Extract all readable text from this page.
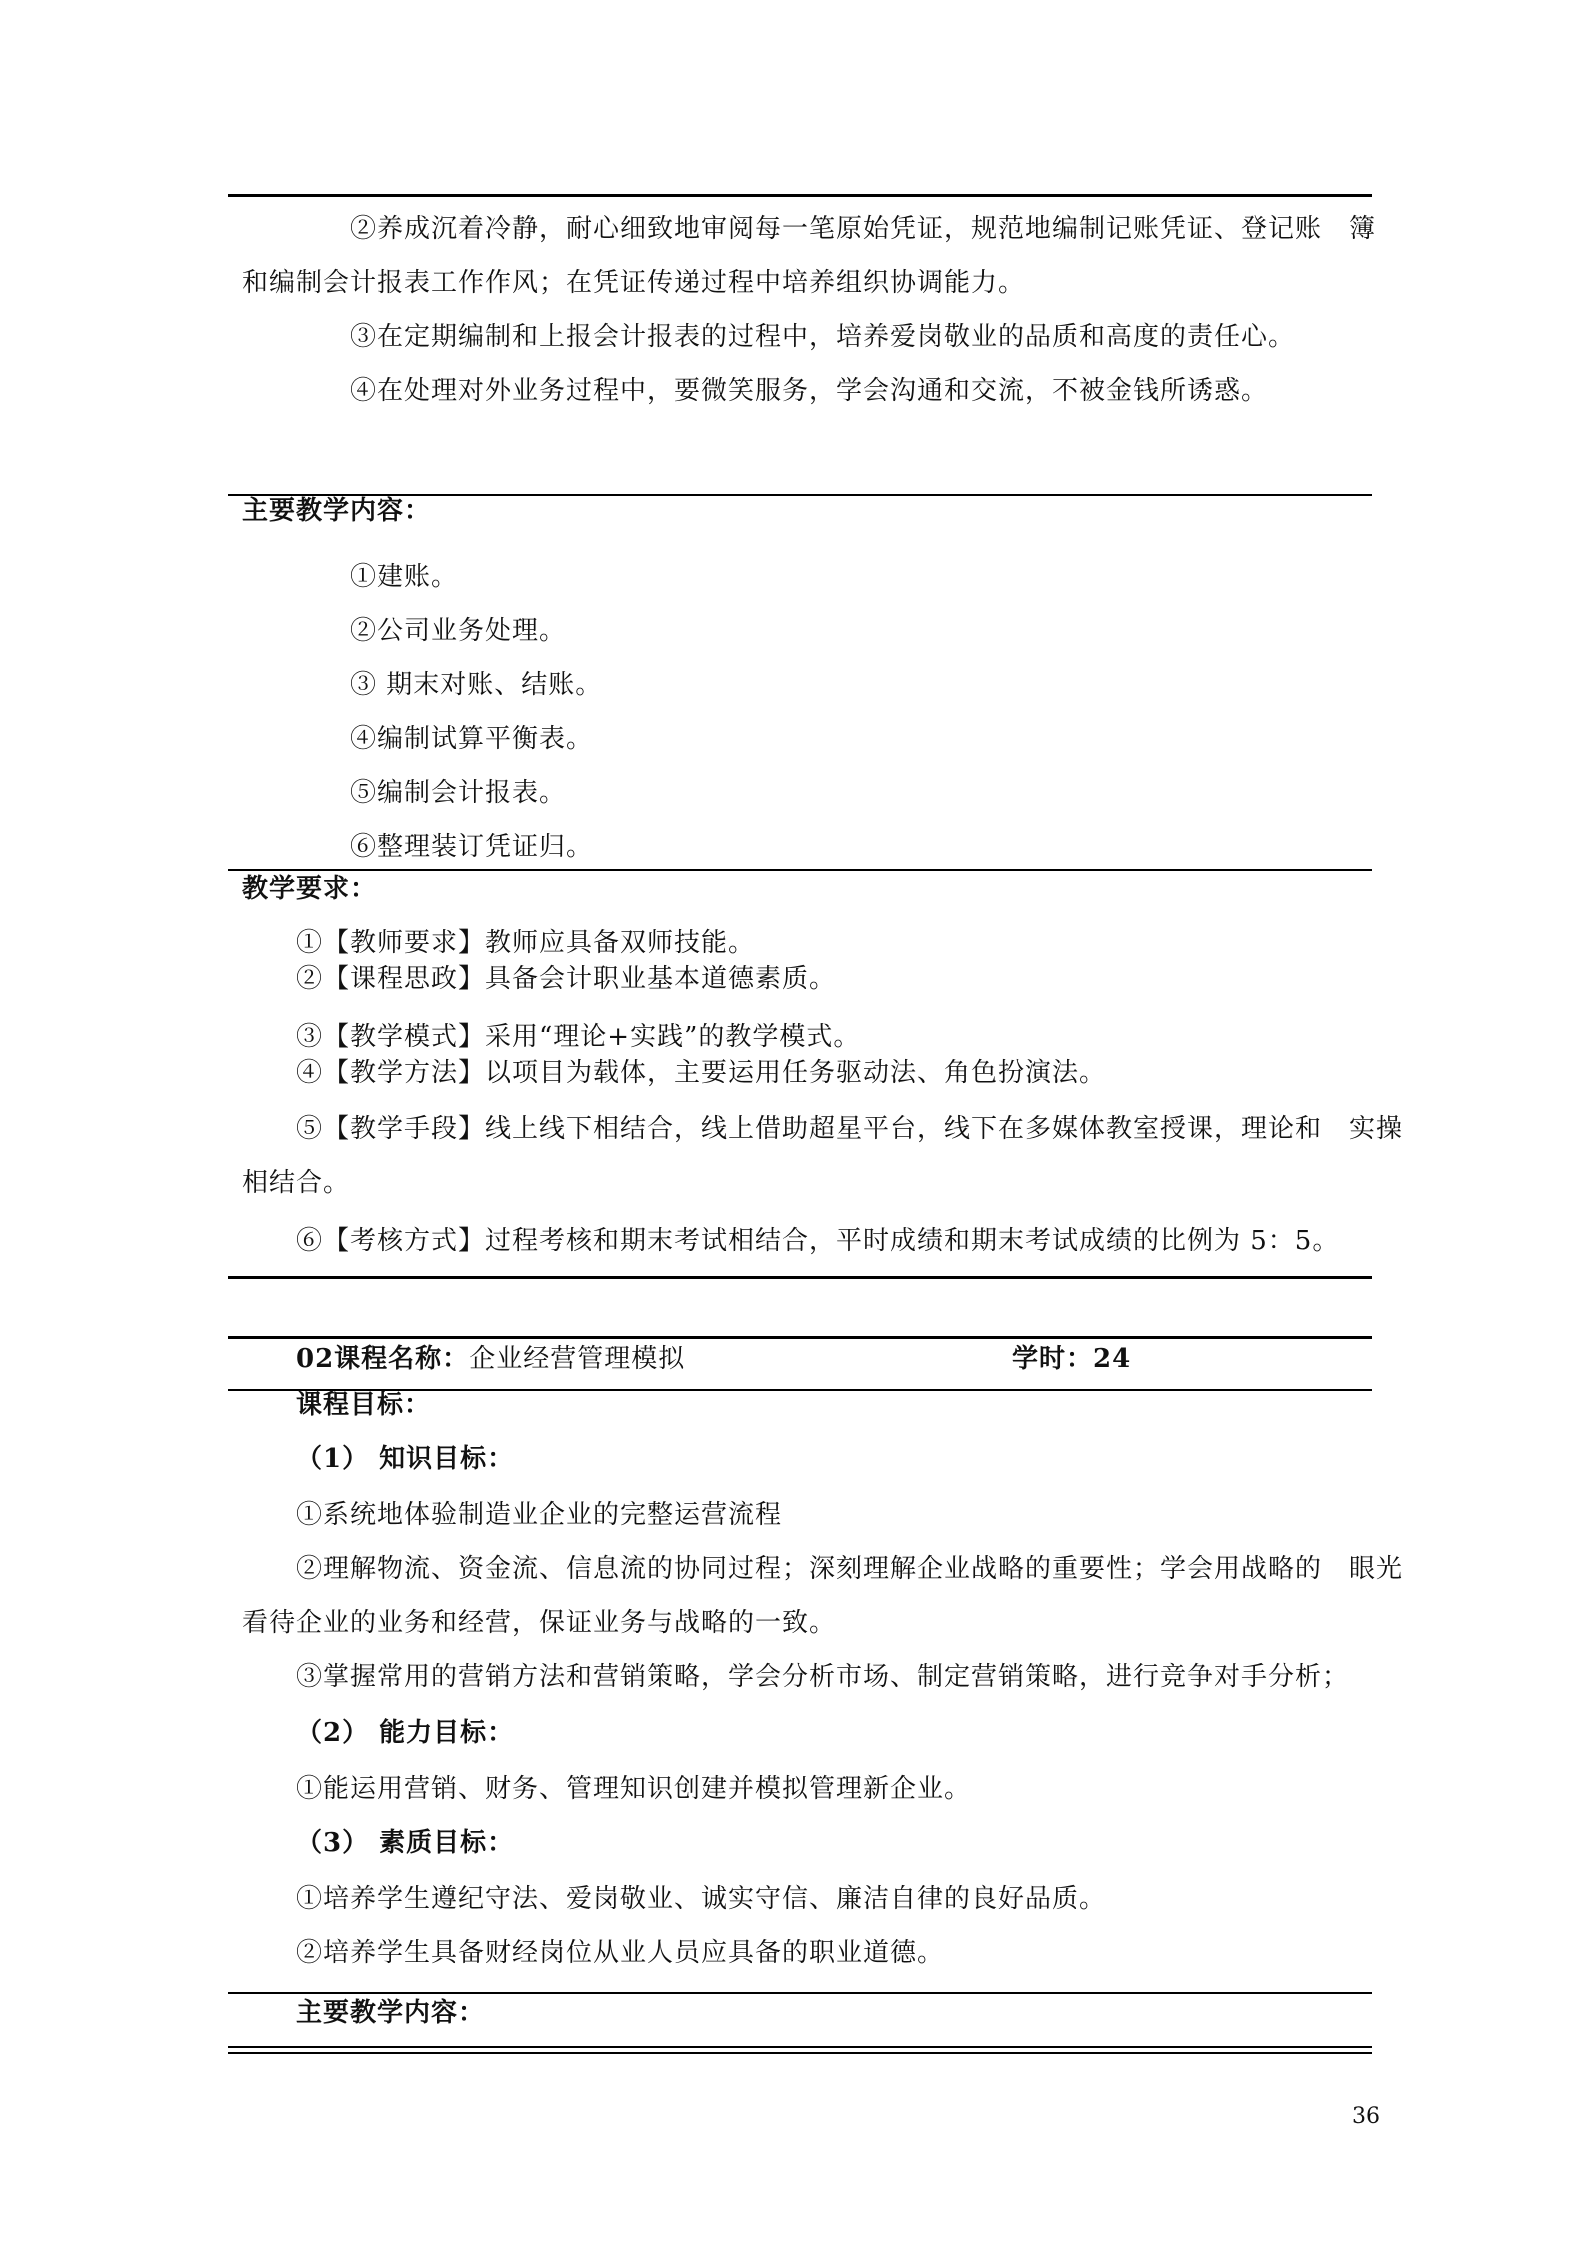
②养成沉着冷静，耐心细致地审阅每一笔原始凭证，规范地编制记账凭证、登记账　簿
和编制会计报表工作作风；在凭证传递过程中培养组织协调能力。
③在定期编制和上报会计报表的过程中，培养爱岗敬业的品质和高度的责任心。
④在处理对外业务过程中，要微笑服务，学会沟通和交流，不被金钱所诱惑。
主要教学内容：
①建账。
②公司业务处理。
③ 期末对账、结账。
④编制试算平衡表。
⑤编制会计报表。
⑥整理装订凭证归。
教学要求：
①【教师要求】教师应具备双师技能。
②【课程思政】具备会计职业基本道德素质。
③【教学模式】采用“理论+实践”的教学模式。
④【教学方法】以项目为载体，主要运用任务驱动法、角色扮演法。
⑤【教学手段】线上线下相结合，线上借助超星平台，线下在多媒体教室授课，理论和　实操
相结合。
⑥【考核方式】过程考核和期末考试相结合，平时成绩和期末考试成绩的比例为 5：5。
02课程名称：企业经营管理模拟	学时：24
课程目标：
（1） 知识目标：
①系统地体验制造业企业的完整运营流程
②理解物流、资金流、信息流的协同过程；深刻理解企业战略的重要性；学会用战略的　眼光
看待企业的业务和经营，保证业务与战略的一致。
③掌握常用的营销方法和营销策略，学会分析市场、制定营销策略，进行竞争对手分析；
（2） 能力目标：
①能运用营销、财务、管理知识创建并模拟管理新企业。
（3） 素质目标：
①培养学生遵纪守法、爱岗敬业、诚实守信、廉洁自律的良好品质。
②培养学生具备财经岗位从业人员应具备的职业道德。
主要教学内容：
36
